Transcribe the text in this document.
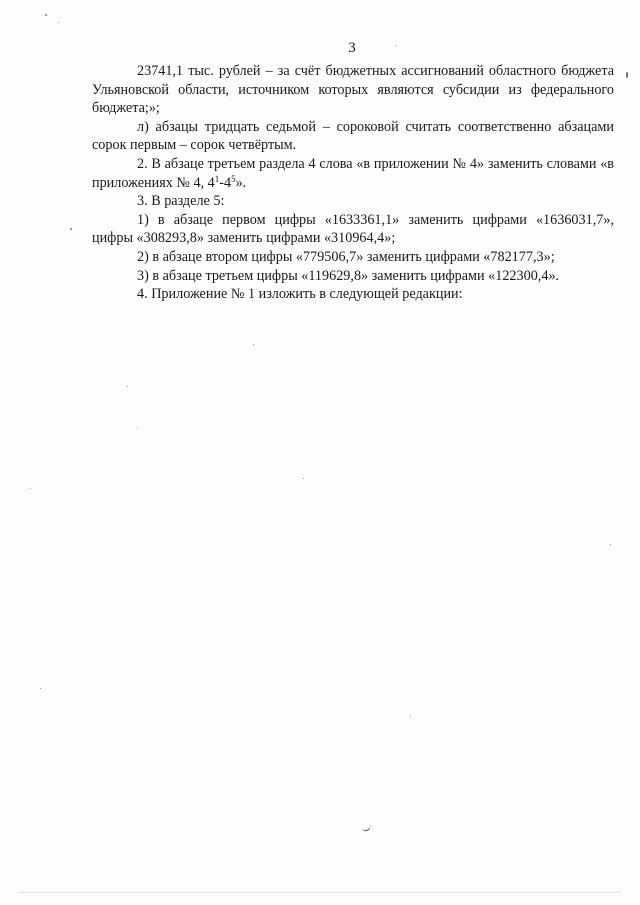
3

23741,1 тыс. рублей – за счёт бюджетных ассигнований областного бюджета Ульяновской области, источником которых являются субсидии из федерального бюджета;»;

л) абзацы тридцать седьмой – сороковой считать соответственно абзацами сорок первым – сорок четвёртым.

2. В абзаце третьем раздела 4 слова «в приложении № 4» заменить словами «в приложениях № 4, $4^1-4^5$».

3. В разделе 5:

1) в абзаце первом цифры «1633361,1» заменить цифрами «1636031,7», цифры «308293,8» заменить цифрами «310964,4»;

2) в абзаце втором цифры «779506,7» заменить цифрами «782177,3»;

3) в абзаце третьем цифры «119629,8» заменить цифрами «122300,4».

4. Приложение № 1 изложить в следующей редакции:
